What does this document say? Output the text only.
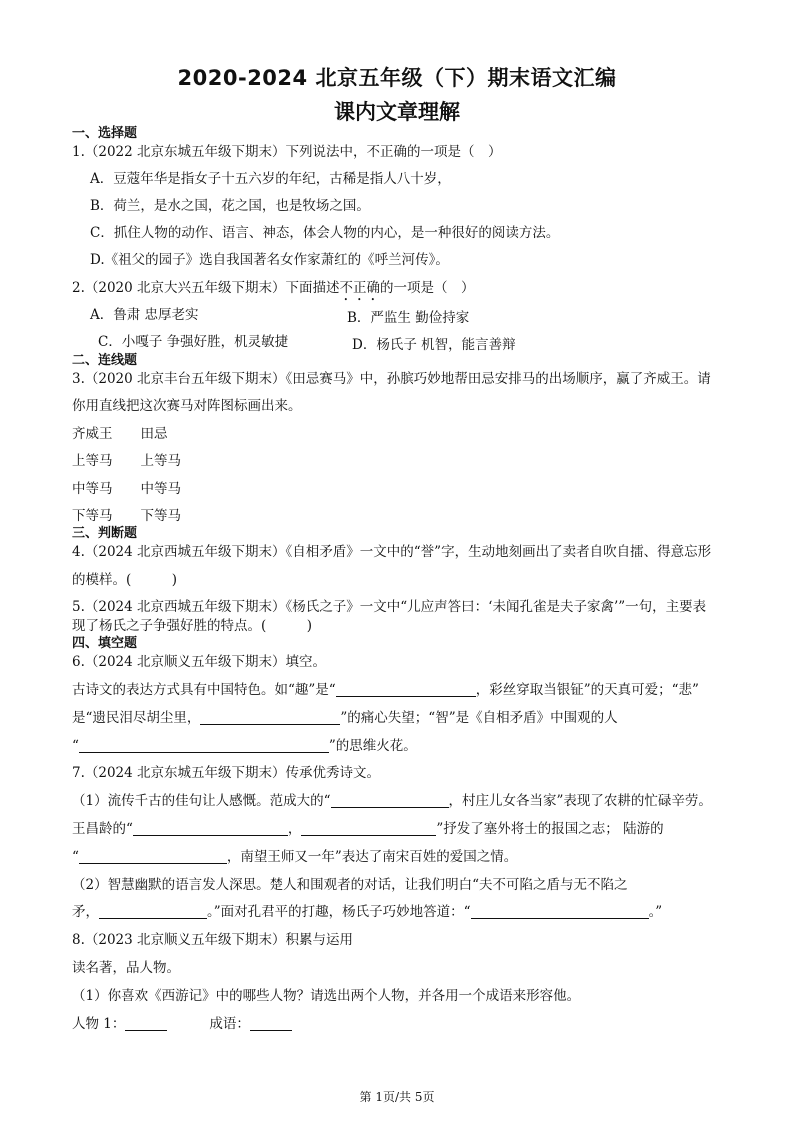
2020-2024 北京五年级（下）期末语文汇编
课内文章理解
一、选择题
1.（2022 北京东城五年级下期末）下列说法中，不正确的一项是（　）
A．豆蔻年华是指女子十五六岁的年纪，古稀是指人八十岁，
B．荷兰，是水之国，花之国，也是牧场之国。
C．抓住人物的动作、语言、神态，体会人物的内心，是一种很好的阅读方法。
D.《祖父的园子》选自我国著名女作家萧红的《呼兰河传》。
2.（2020 北京大兴五年级下期末）下面描述不正确的一项是（　）
A．鲁肃 忠厚老实	B．严监生 勤俭持家
C．小嘎子 争强好胜，机灵敏捷	D．杨氏子 机智，能言善辩
二、连线题
3.（2020 北京丰台五年级下期末）《田忌赛马》中，孙膑巧妙地帮田忌安排马的出场顺序，赢了齐威王。请
你用直线把这次赛马对阵图标画出来。
齐威王 田忌
上等马 上等马
中等马 中等马
下等马 下等马
三、判断题
4.（2024 北京西城五年级下期末）《自相矛盾》一文中的“誉”字，生动地刻画出了卖者自吹自擂、得意忘形
的模样。(　　　)
5.（2024 北京西城五年级下期末）《杨氏之子》一文中“儿应声答曰：‘未闻孔雀是夫子家禽’”一句，主要表
现了杨氏之子争强好胜的特点。(　　　)
四、填空题
6.（2024 北京顺义五年级下期末）填空。
古诗文的表达方式具有中国特色。如“趣”是“	，彩丝穿取当银钲”的天真可爱；“悲”
是“遗民泪尽胡尘里，	”的痛心失望；“智”是《自相矛盾》中围观的人
“	”的思维火花。
7.（2024 北京东城五年级下期末）传承优秀诗文。
（1）流传千古的佳句让人感慨。范成大的“	，村庄儿女各当家”表现了农耕的忙碌辛劳。
王昌龄的“	，	”抒发了塞外将士的报国之志； 陆游的
“	，南望王师又一年”表达了南宋百姓的爱国之情。
（2）智慧幽默的语言发人深思。楚人和围观者的对话，让我们明白“夫不可陷之盾与无不陷之
矛，	。”面对孔君平的打趣，杨氏子巧妙地答道：“	。”
8.（2023 北京顺义五年级下期末）积累与运用
读名著，品人物。
（1）你喜欢《西游记》中的哪些人物？请选出两个人物，并各用一个成语来形容他。
人物 1：	成语：
第 1页/共 5页
